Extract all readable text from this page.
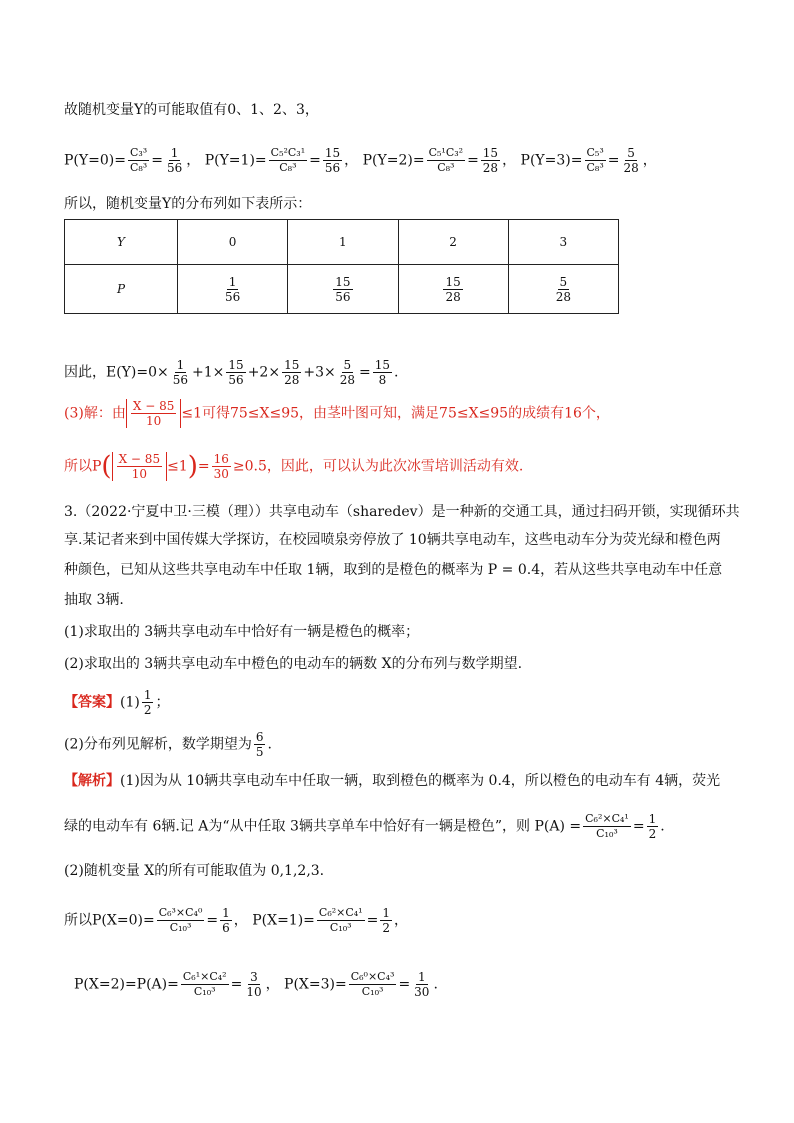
故随机变量Y的可能取值有0、1、2、3，
$P(Y=0)= \frac{\text{C₃³}}{\text{C₈³}} = \frac{1}{56}$ ， $P(Y=1)= \frac{\text{C₅²C₃¹}}{\text{C₈³}} = \frac{15}{56}$ ， $P(Y=2)= \frac{\text{C₅¹C₃²}}{\text{C₈³}} = \frac{15}{28}$ ， $P(Y=3)= \frac{\text{C₅³}}{\text{C₈³}} = \frac{5}{28}$ ，
所以，随机变量Y的分布列如下表所示：
Y	0	1	2	3
P	$\frac{1}{56}$	$\frac{15}{56}$	$\frac{15}{28}$	$\frac{5}{28}$
因此，$E(Y)=0\times \frac{1}{56} +1\times \frac{15}{56} +2\times \frac{15}{28} +3\times \frac{5}{28} = \frac{15}{8}$ .
(3)解：由 $\frac{X - 85}{10} \le 1$可得75≤X≤95，由茎叶图可知，满足75≤X≤95的成绩有16个，
所以$P( \frac{X - 85}{10} \le 1)= \frac{16}{30} \ge 0.5$，因此，可以认为此次冰雪培训活动有效.
3.（2022·宁夏中卫·三模（理））共享电动车（sharedev）是一种新的交通工具，通过扫码开锁，实现循环共
享.某记者来到中国传媒大学探访，在校园喷泉旁停放了 10辆共享电动车，这些电动车分为荧光绿和橙色两
种颜色，已知从这些共享电动车中任取 1辆，取到的是橙色的概率为 P = 0.4，若从这些共享电动车中任意
抽取 3辆.
(1)求取出的 3辆共享电动车中恰好有一辆是橙色的概率；
(2)求取出的 3辆共享电动车中橙色的电动车的辆数 X的分布列与数学期望.
【答案】$(1) \frac{1}{2}$ ；
(2)分布列见解析，数学期望为 $\frac{6}{5}$ .
【解析】(1)因为从 10辆共享电动车中任取一辆，取到橙色的概率为 0.4，所以橙色的电动车有 4辆，荧光
绿的电动车有 6辆.记 A为“从中任取 3辆共享单车中恰好有一辆是橙色”，则 $P(A) = \frac{\text{C₆²×C₄¹}}{\text{C₁₀³}} = \frac{1}{2}$ .
(2)随机变量 X的所有可能取值为 0,1,2,3.
所以$P(X=0)= \frac{\text{C₆³×C₄⁰}}{\text{C₁₀³}} = \frac{1}{6}$ ， $P(X=1)= \frac{\text{C₆²×C₄¹}}{\text{C₁₀³}} = \frac{1}{2}$ ，
$P(X=2)=P(A)= \frac{\text{C₆¹×C₄²}}{\text{C₁₀³}} = \frac{3}{10}$ ， $P(X=3)= \frac{\text{C₆⁰×C₄³}}{\text{C₁₀³}} = \frac{1}{30}$ .
